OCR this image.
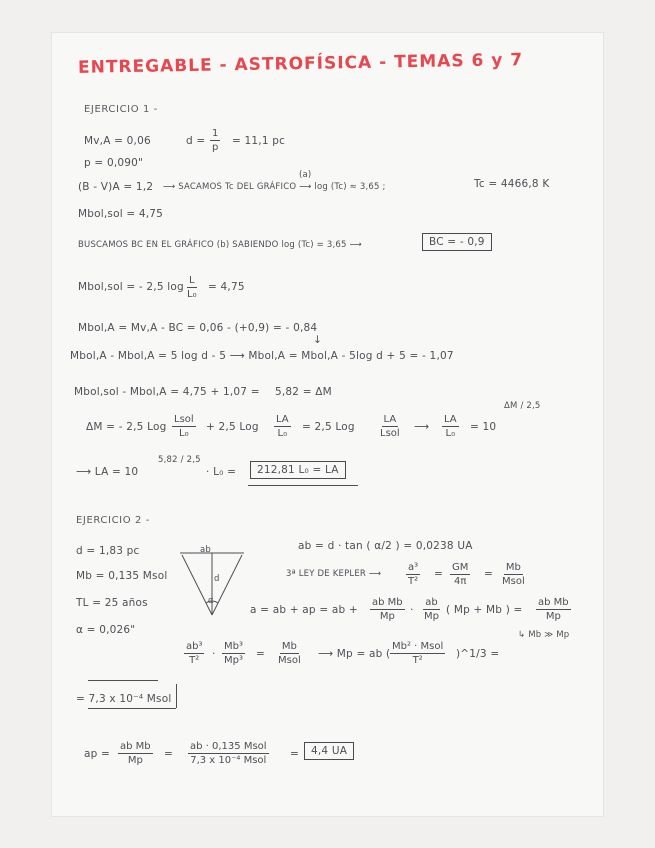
ENTREGABLE - ASTROFÍSICA - TEMAS 6 y 7
EJERCICIO 1 -
Mv,A = 0,06	$d = \frac{1}{p} = 11,1$ pc
p = 0,090"
(a)
(B - V)A = 1,2 ⟶ SACAMOS Tc DEL GRÁFICO ⟶ log (Tc) ≈ 3,65 ;	Tc = 4466,8 K
Mbol,sol = 4,75
BUSCAMOS BC EN EL GRÁFICO (b) SABIENDO log (Tc) = 3,65 ⟶	BC = - 0,9
Mbol,sol = - 2,5 $\log \frac{L}{\text{L₀}} = 4,75$
Mbol,A = Mv,A - BC = 0,06 - (+0,9) = - 0,84
↓
Mbol,A - Mbol,A = 5 log d - 5 ⟶ Mbol,A = Mbol,A - 5log d + 5 = - 1,07
Mbol,sol - Mbol,A = 4,75 + 1,07 = 5,82 = ΔM
ΔM = - 2,5 Log
Lsol
L₀
+ 2,5 Log $\frac{LA}{\text{L₀}} = 2,5$ Log
LA
Lsol
⟶ $\frac{LA}{\text{L₀}} = 10$
ΔM / 2,5
⟶ LA = 10
5,82 / 2,5
· L₀ =	212,81 L₀ = LA
EJERCICIO 2 -
d = 1,83 pc
Mb = 0,135 Msol
TL = 25 años
α = 0,026"
ab
d
α
ab = d · tan ( α/2 ) = 0,0238 UA
3ª LEY DE KEPLER ⟶ $\frac{\text{a³}}{\text{T²}} = \frac{GM}{4\pi}$ =
Mb
Msol
a = ab + ap = ab + $\frac{\text{ab Mb}}{Mp} \cdot \frac{ab}{Mp}$ ( Mp + Mb ) = $\frac{\text{ab Mb}}{Mp}$
↳ Mb ≫ Mp
$\frac{\text{ab³}}{\text{T²}} \cdot \frac{\text{Mb³}}{\text{Mp³}}$ =
Mb
Msol
⟶ Mp = ab (
Mb² · Msol
T²
)^1/3 =
= 7,3 x 10⁻⁴ Msol
ap = $\frac{\text{ab Mb}}{Mp}$ =
ab · 0,135 Msol
7,3 x 10⁻⁴ Msol
=	4,4 UA
